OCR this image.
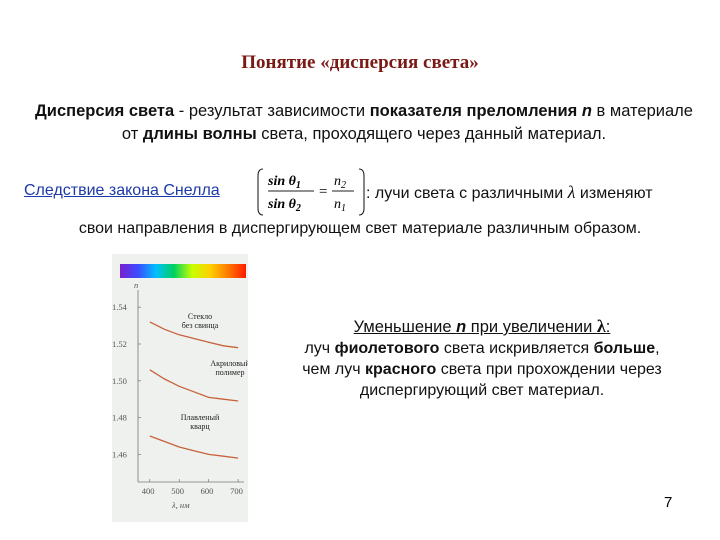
Понятие «дисперсия света»
Дисперсия света - результат зависимости показателя преломления n в материале от длины волны света, проходящего через данный материал.
Следствие закона Снелла
$\sin \theta_1$
$\sin \theta_2$
=
$n_2$
$n_1$
: лучи света с различными λ изменяют
свои направления в диспергирующем свет материале различным образом.
n
1.54
1.52
1.50
1.48
1.46
400 500 600 700
λ, нм
Стекло без свинца
Акриловый полимер
Плавленый кварц
Уменьшение n при увеличении λ:
луч фиолетового света искривляется больше,
чем луч красного света при прохождении через
диспергирующий свет материал.
7
